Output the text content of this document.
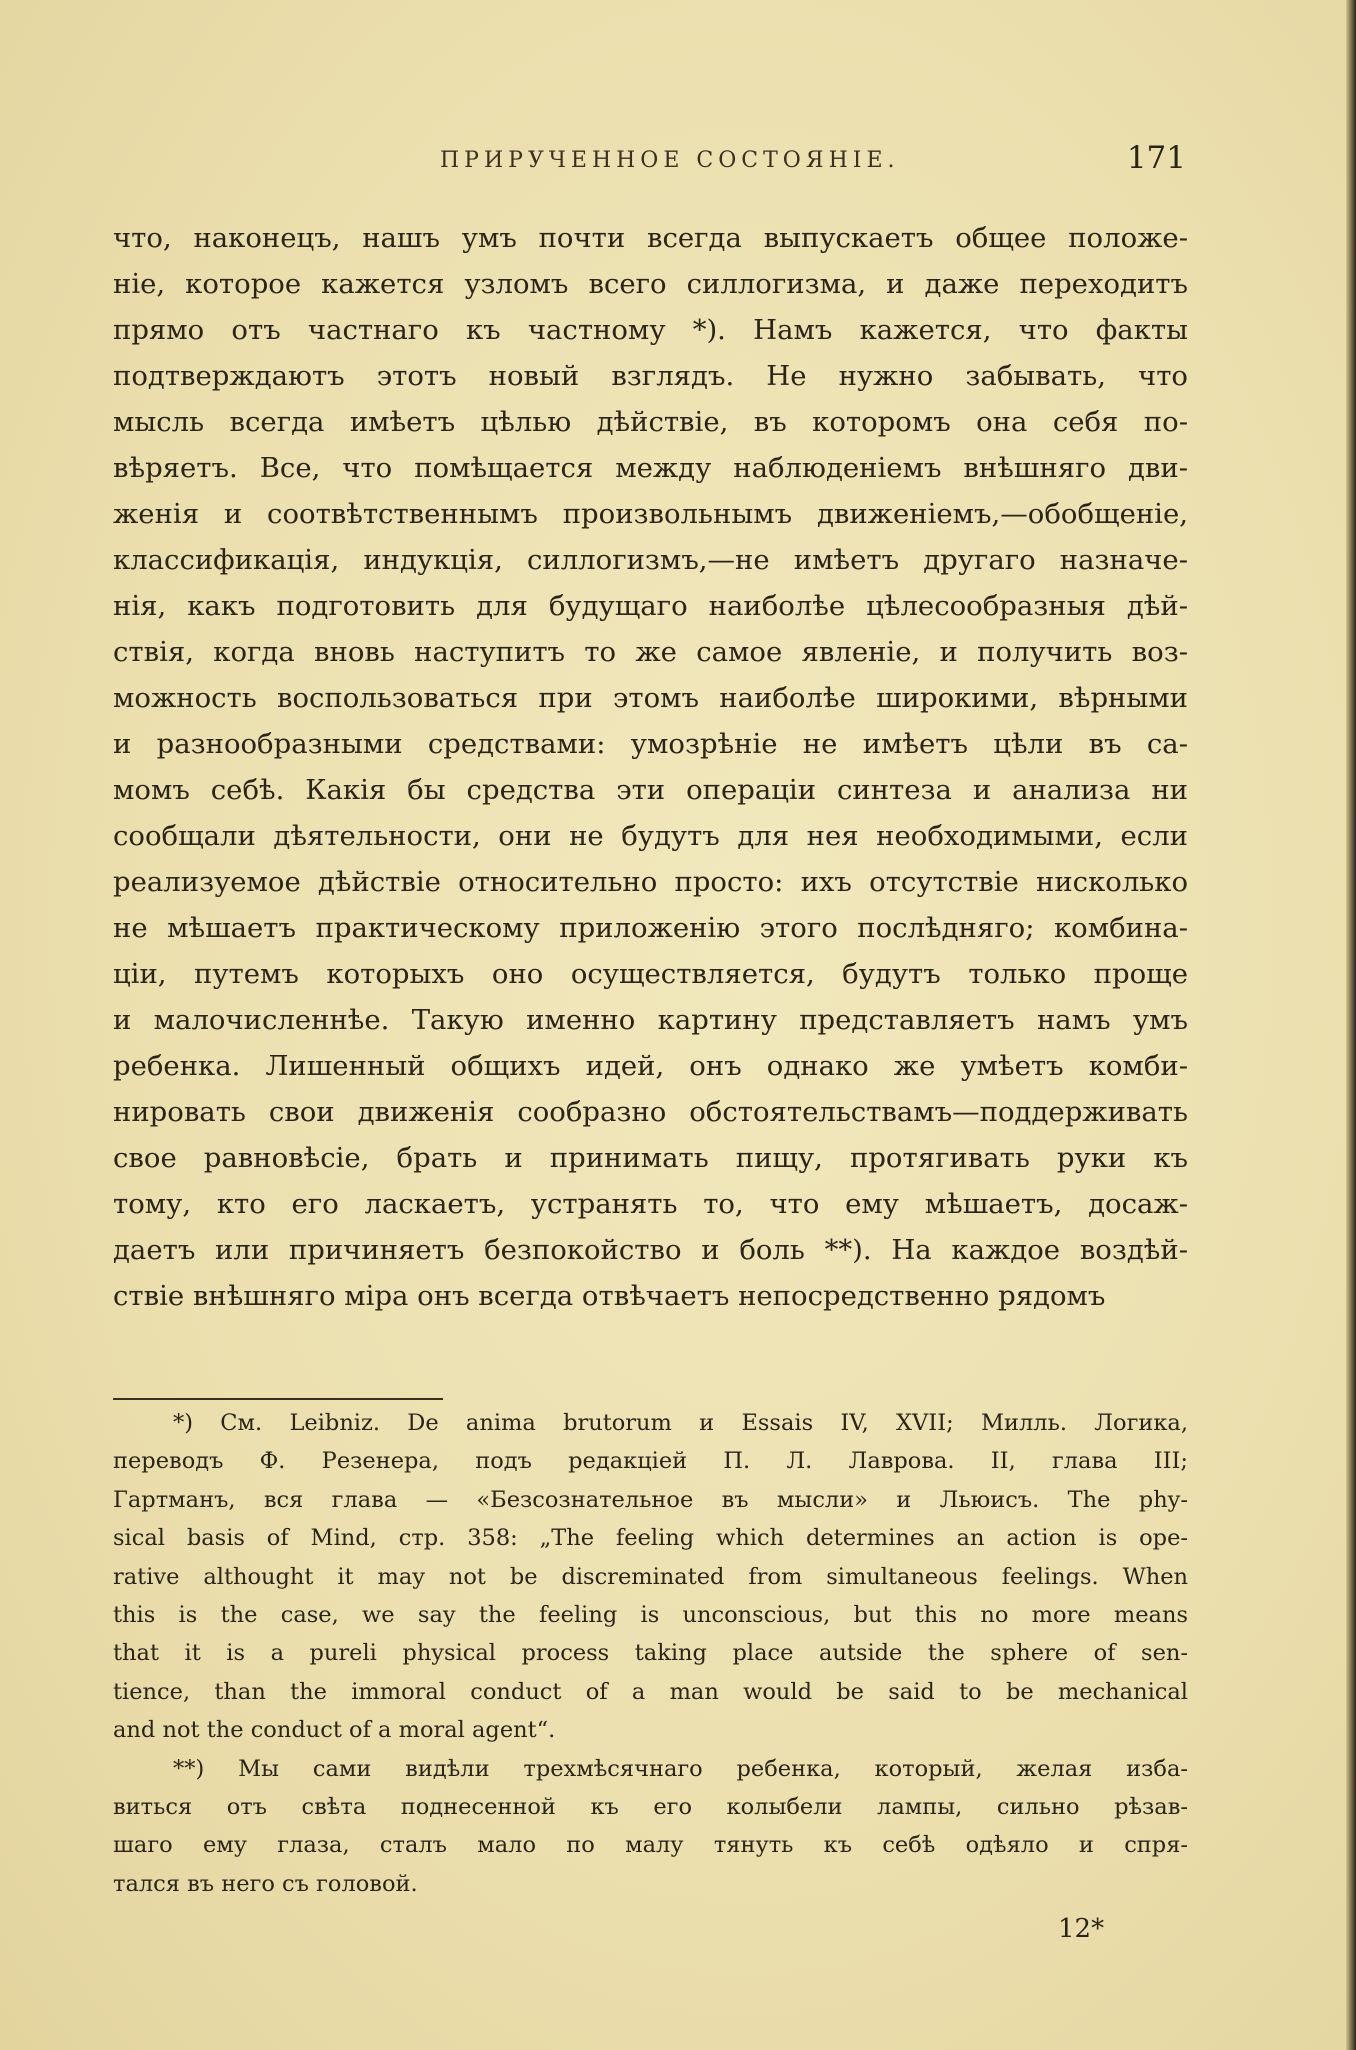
ПРИРУЧЕННОЕ СОСТОЯНІЕ.	171
что, наконецъ, нашъ умъ почти всегда выпускаетъ общее положе-
ніе, которое кажется узломъ всего силлогизма, и даже переходитъ
прямо отъ частнаго къ частному *). Намъ кажется, что факты
подтверждаютъ этотъ новый взглядъ. Не нужно забывать, что
мысль всегда имѣетъ цѣлью дѣйствіе, въ которомъ она себя по-
вѣряетъ. Все, что помѣщается между наблюденіемъ внѣшняго дви-
женія и соотвѣтственнымъ произвольнымъ движеніемъ,—обобщеніе,
классификація, индукція, силлогизмъ,—не имѣетъ другаго назначе-
нія, какъ подготовить для будущаго наиболѣе цѣлесообразныя дѣй-
ствія, когда вновь наступитъ то же самое явленіе, и получить воз-
можность воспользоваться при этомъ наиболѣе широкими, вѣрными
и разнообразными средствами: умозрѣніе не имѣетъ цѣли въ са-
момъ себѣ. Какія бы средства эти операціи синтеза и анализа ни
сообщали дѣятельности, они не будутъ для нея необходимыми, если
реализуемое дѣйствіе относительно просто: ихъ отсутствіе нисколько
не мѣшаетъ практическому приложенію этого послѣдняго; комбина-
ціи, путемъ которыхъ оно осуществляется, будутъ только проще
и малочисленнѣе. Такую именно картину представляетъ намъ умъ
ребенка. Лишенный общихъ идей, онъ однако же умѣетъ комби-
нировать свои движенія сообразно обстоятельствамъ—поддерживать
свое равновѣсіе, брать и принимать пищу, протягивать руки къ
тому, кто его ласкаетъ, устранять то, что ему мѣшаетъ, досаж-
даетъ или причиняетъ безпокойство и боль **). На каждое воздѣй-
ствіе внѣшняго міра онъ всегда отвѣчаетъ непосредственно рядомъ
*) См. Leibniz. De anima brutorum и Essais IV, XVII; Милль. Логика,
переводъ Ф. Резенера, подъ редакціей П. Л. Лаврова. II, глава III;
Гартманъ, вся глава — «Безсознательное въ мысли» и Льюисъ. The phy-
sical basis of Mind, стр. 358: „The feeling which determines an action is ope-
rative althought it may not be discreminated from simultaneous feelings. When
this is the case, we say the feeling is unconscious, but this no more means
that it is a pureli physical process taking place autside the sphere of sen-
tience, than the immoral conduct of a man would be said to be mechanical
and not the conduct of a moral agent“.
**) Мы сами видѣли трехмѣсячнаго ребенка, который, желая изба-
виться отъ свѣта поднесенной къ его колыбели лампы, сильно рѣзав-
шаго ему глаза, сталъ мало по малу тянуть къ себѣ одѣяло и спря-
тался въ него съ головой.
12*
